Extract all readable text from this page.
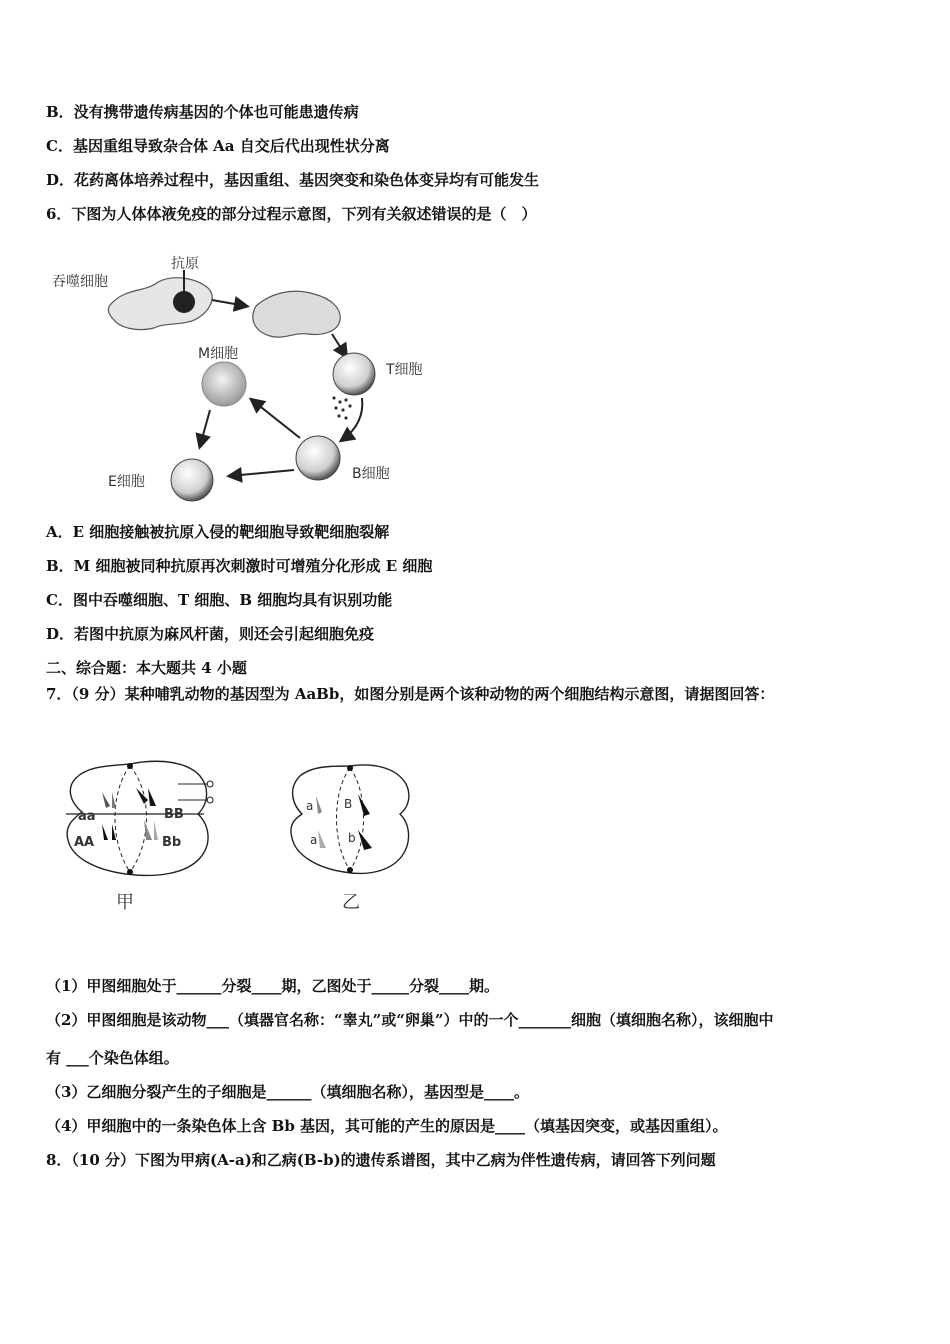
B．没有携带遗传病基因的个体也可能患遗传病
C．基因重组导致杂合体 Aa 自交后代出现性状分离
D．花药离体培养过程中，基因重组、基因突变和染色体变异均有可能发生
6．下图为人体体液免疫的部分过程示意图，下列有关叙述错误的是（　）
吞噬细胞
抗原
T细胞
B细胞
M细胞
E细胞
A．E 细胞接触被抗原入侵的靶细胞导致靶细胞裂解
B．M 细胞被同种抗原再次刺激时可增殖分化形成 E 细胞
C．图中吞噬细胞、T 细胞、B 细胞均具有识别功能
D．若图中抗原为麻风杆菌，则还会引起细胞免疫
二、综合题：本大题共 4 小题
7．（9 分）某种哺乳动物的基因型为 AaBb，如图分别是两个该种动物的两个细胞结构示意图，请据图回答：
aa
AA
BB
Bb
甲
a	B
a	b
乙
（1）甲图细胞处于______分裂____期，乙图处于_____分裂____期。
（2）甲图细胞是该动物___（填器官名称：“睾丸”或“卵巢”）中的一个_______细胞（填细胞名称），该细胞中
有 ___个染色体组。
（3）乙细胞分裂产生的子细胞是______（填细胞名称），基因型是____。
（4）甲细胞中的一条染色体上含 Bb 基因，其可能的产生的原因是____（填基因突变，或基因重组）。
8．（10 分）下图为甲病(A-a)和乙病(B-b)的遗传系谱图，其中乙病为伴性遗传病，请回答下列问题
